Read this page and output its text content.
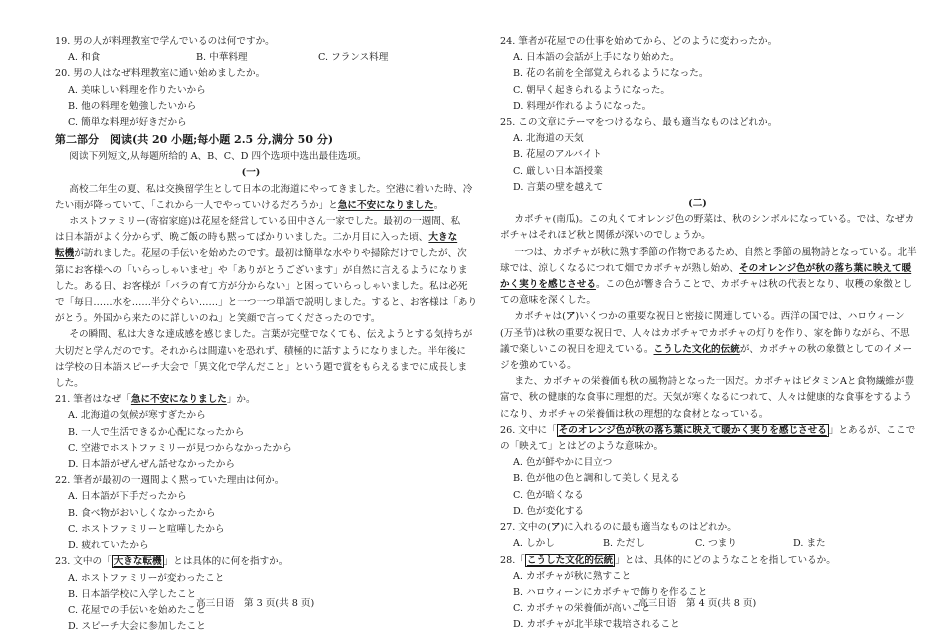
19. 男の人が料理教室で学んでいるのは何ですか。
A. 和食	B. 中華料理	C. フランス料理
20. 男の人はなぜ料理教室に通い始めましたか。
A. 美味しい料理を作りたいから
B. 他の料理を勉強したいから
C. 簡単な料理が好きだから
第二部分　阅读(共 20 小题;每小题 2.5 分,满分 50 分)
阅读下列短文,从每题所给的 A、B、C、D 四个选项中选出最佳选项。
(一)
高校二年生の夏、私は交換留学生として日本の北海道にやってきました。空港に着いた時、冷
たい雨が降っていて、「これから一人でやっていけるだろうか」と急に不安になりました。
ホストファミリー(寄宿家庭)は花屋を経営している田中さん一家でした。最初の一週間、私
は日本語がよく分からず、晩ご飯の時も黙ってばかりいました。二か月目に入った頃、大きな
転機が訪れました。花屋の手伝いを始めたのです。最初は簡単な水やりや掃除だけでしたが、次
第にお客様への「いらっしゃいませ」や「ありがとうございます」が自然に言えるようになりま
した。ある日、お客様が「バラの育て方が分からない」と困っていらっしゃいました。私は必死
で「毎日……水を……半分ぐらい……」と一つ一つ単語で説明しました。すると、お客様は「あり
がとう。外国から来たのに詳しいのね」と笑顔で言ってくださったのです。
その瞬間、私は大きな達成感を感じました。言葉が完璧でなくても、伝えようとする気持ちが
大切だと学んだのです。それからは間違いを恐れず、積極的に話すようになりました。半年後に
は学校の日本語スピーチ大会で「異文化で学んだこと」という題で賞をもらえるまでに成長しま
した。
21. 筆者はなぜ「急に不安になりました」か。
A. 北海道の気候が寒すぎたから
B. 一人で生活できるか心配になったから
C. 空港でホストファミリーが見つからなかったから
D. 日本語がぜんぜん話せなかったから
22. 筆者が最初の一週間よく黙っていた理由は何か。
A. 日本語が下手だったから
B. 食べ物がおいしくなかったから
C. ホストファミリーと喧嘩したから
D. 疲れていたから
23. 文中の「 大きな転機 」とは具体的に何を指すか。
A. ホストファミリーが変わったこと
B. 日本語学校に入学したこと
C. 花屋での手伝いを始めたこと
D. スピーチ大会に参加したこと
24. 筆者が花屋での仕事を始めてから、どのように変わったか。
A. 日本語の会話が上手になり始めた。
B. 花の名前を全部覚えられるようになった。
C. 朝早く起きられるようになった。
D. 料理が作れるようになった。
25. この文章にテーマをつけるなら、最も適当なものはどれか。
A. 北海道の天気
B. 花屋のアルバイト
C. 厳しい日本語授業
D. 言葉の壁を越えて
(二)
カボチャ(南瓜)。この丸くてオレンジ色の野菜は、秋のシンボルになっている。では、なぜカ
ボチャはそれほど秋と関係が深いのでしょうか。
一つは、カボチャが秋に熟す季節の作物であるため、自然と季節の風物詩となっている。北半
球では、涼しくなるにつれて畑でカボチャが熟し始め、そのオレンジ色が秋の落ち葉に映えて暖
かく実りを感じさせる。この色が響き合うことで、カボチャは秋の代表となり、収穫の象徴とし
ての意味を深くした。
カボチャは(ア)いくつかの重要な祝日と密接に関連している。西洋の国では、ハロウィーン
(万圣节)は秋の重要な祝日で、人々はカボチャでカボチャの灯りを作り、家を飾りながら、不思
議で楽しいこの祝日を迎えている。こうした文化的伝統が、カボチャの秋の象徴としてのイメー
ジを強めている。
また、カボチャの栄養価も秋の風物詩となった一因だ。カボチャはビタミンAと食物繊維が豊
富で、秋の健康的な食事に理想的だ。天気が寒くなるにつれて、人々は健康的な食事をするよう
になり、カボチャの栄養価は秋の理想的な食材となっている。
26. 文中に「 そのオレンジ色が秋の落ち葉に映えて暖かく実りを感じさせる 」とあるが、ここで
の「映えて」とはどのような意味か。
A. 色が鮮やかに目立つ
B. 色が他の色と調和して美しく見える
C. 色が暗くなる
D. 色が変化する
27. 文中の(ア)に入れるのに最も適当なものはどれか。
A. しかし	B. ただし	C. つまり	D. また
28.「 こうした文化的伝統 」とは、具体的にどのようなことを指しているか。
A. カボチャが秋に熟すこと
B. ハロウィーンにカボチャで飾りを作ること
C. カボチャの栄養価が高いこと
D. カボチャが北半球で栽培されること
高三日语　第 3 页(共 8 页)	高三日语　第 4 页(共 8 页)
